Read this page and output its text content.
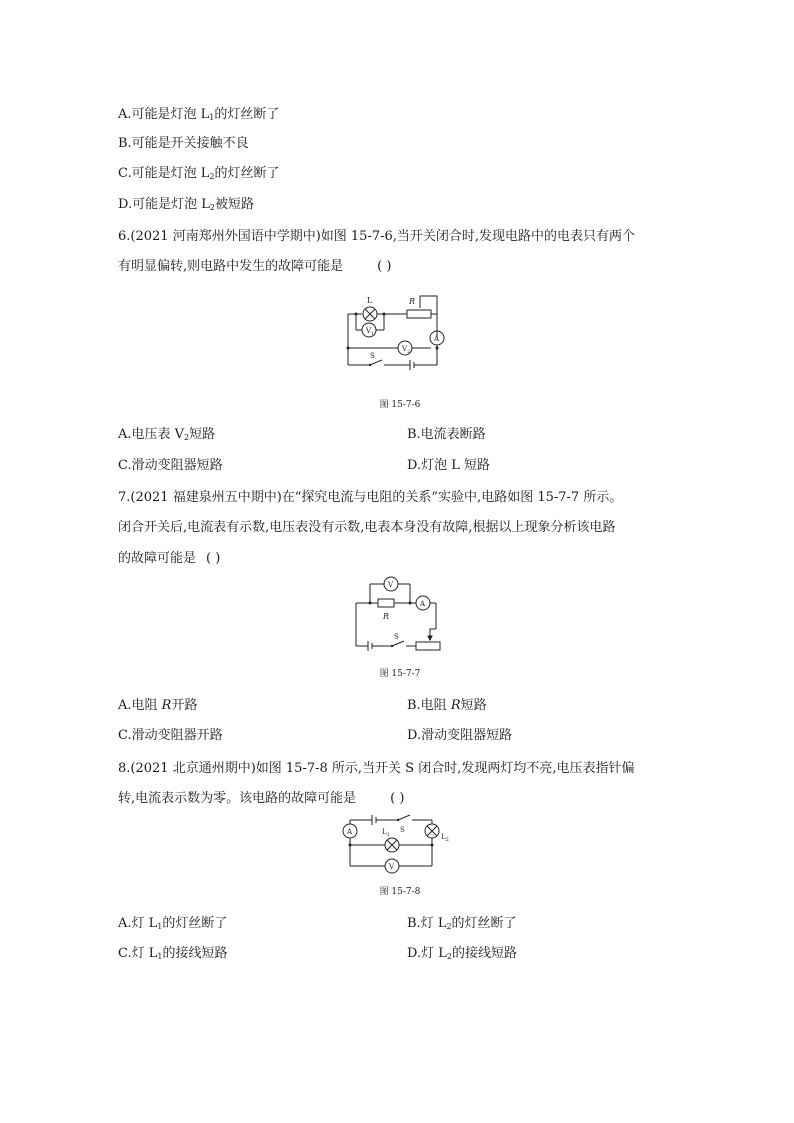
A.可能是灯泡 $L_1$的灯丝断了
B.可能是开关接触不良
C.可能是灯泡 $L_2$的灯丝断了
D.可能是灯泡 $L_2$被短路
6.(2021 河南郑州外国语中学期中)如图 15-7-6,当开关闭合时,发现电路中的电表只有两个
有明显偏转,则电路中发生的故障可能是	( )
L	R
$V_1$
$V_2$
A
S
图 15-7-6
A.电压表 $V_2$短路	B.电流表断路
C.滑动变阻器短路	D.灯泡 L 短路
7.(2021 福建泉州五中期中)在“探究电流与电阻的关系”实验中,电路如图 15-7-7 所示。
闭合开关后,电流表有示数,电压表没有示数,电表本身没有故障,根据以上现象分析该电路
的故障可能是 ( )
V
A
R
S
图 15-7-7
A.电阻 R开路	B.电阻 R短路
C.滑动变阻器开路	D.滑动变阻器短路
8.(2021 北京通州期中)如图 15-7-8 所示,当开关 S 闭合时,发现两灯均不亮,电压表指针偏
转,电流表示数为零。该电路的故障可能是	( )
A
V
S
$L_1$	$L_2$
图 15-7-8
A.灯 $L_1$的灯丝断了	B.灯 $L_2$的灯丝断了
C.灯 $L_1$的接线短路	D.灯 $L_2$的接线短路
